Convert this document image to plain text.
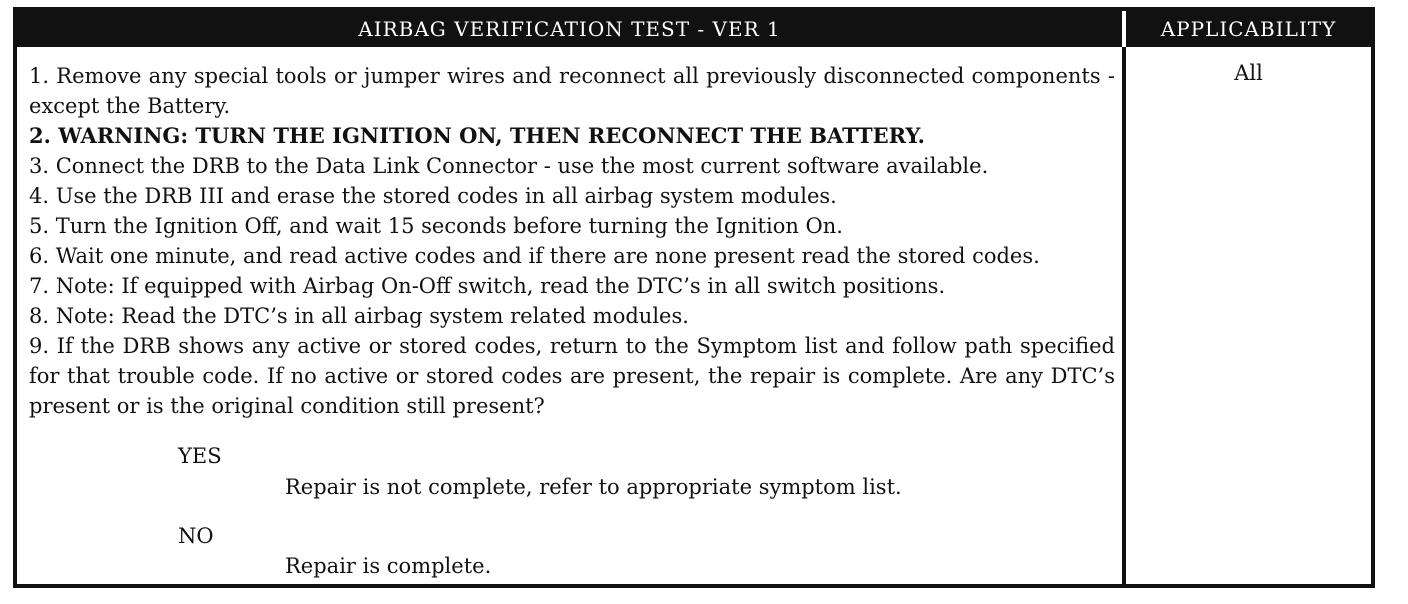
AIRBAG VERIFICATION TEST - VER 1	APPLICABILITY

1. Remove any special tools or jumper wires and reconnect all previously disconnected components - except the Battery.

2. WARNING: TURN THE IGNITION ON, THEN RECONNECT THE BATTERY.

3. Connect the DRB to the Data Link Connector - use the most current software available.

4. Use the DRB III and erase the stored codes in all airbag system modules.

5. Turn the Ignition Off, and wait 15 seconds before turning the Ignition On.

6. Wait one minute, and read active codes and if there are none present read the stored codes.

7. Note: If equipped with Airbag On-Off switch, read the DTC’s in all switch positions.

8. Note: Read the DTC’s in all airbag system related modules.

9. If the DRB shows any active or stored codes, return to the Symptom list and follow path specified for that trouble code. If no active or stored codes are present, the repair is complete. Are any DTC’s present or is the original condition still present?

YES
Repair is not complete, refer to appropriate symptom list.
NO
Repair is complete.
All
